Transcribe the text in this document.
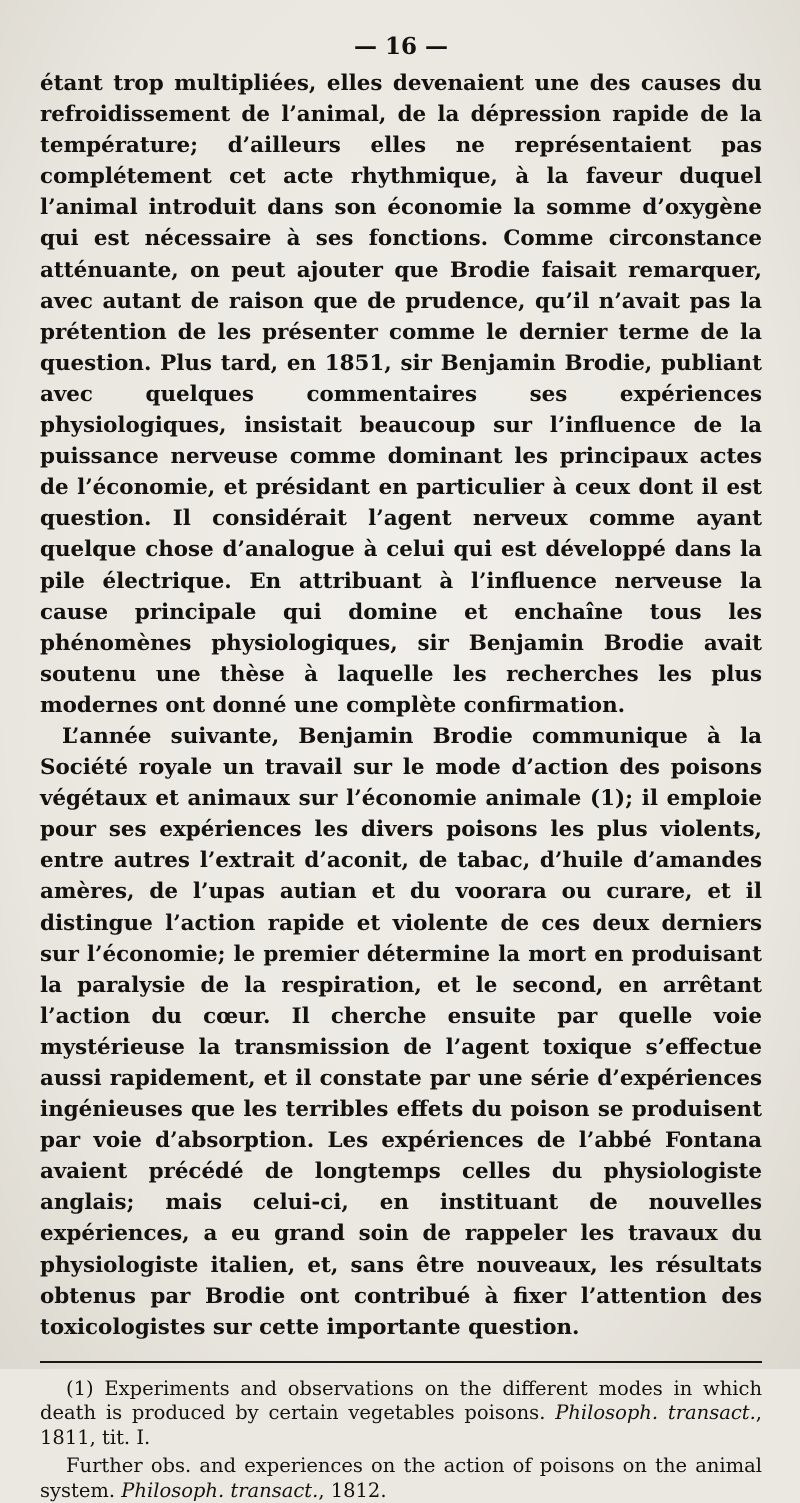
— 16 —

étant trop multipliées, elles devenaient une des causes du refroidissement de l’animal, de la dépression rapide de la température; d’ailleurs elles ne représentaient pas complétement cet acte rhythmique, à la faveur duquel l’animal introduit dans son économie la somme d’oxygène qui est nécessaire à ses fonctions. Comme circonstance atténuante, on peut ajouter que Brodie faisait remarquer, avec autant de raison que de prudence, qu’il n’avait pas la prétention de les présenter comme le dernier terme de la question. Plus tard, en 1851, sir Benjamin Brodie, publiant avec quelques commentaires ses expériences physiologiques, insistait beaucoup sur l’influence de la puissance nerveuse comme dominant les principaux actes de l’économie, et présidant en particulier à ceux dont il est question. Il considérait l’agent nerveux comme ayant quelque chose d’analogue à celui qui est développé dans la pile électrique. En attribuant à l’influence nerveuse la cause principale qui domine et enchaîne tous les phénomènes physiologiques, sir Benjamin Brodie avait soutenu une thèse à laquelle les recherches les plus modernes ont donné une complète confirmation.

L’année suivante, Benjamin Brodie communique à la Société royale un travail sur le mode d’action des poisons végétaux et animaux sur l’économie animale (1); il emploie pour ses expériences les divers poisons les plus violents, entre autres l’extrait d’aconit, de tabac, d’huile d’amandes amères, de l’upas autian et du voorara ou curare, et il distingue l’action rapide et violente de ces deux derniers sur l’économie; le premier détermine la mort en produisant la paralysie de la respiration, et le second, en arrêtant l’action du cœur. Il cherche ensuite par quelle voie mystérieuse la transmission de l’agent toxique s’effectue aussi rapidement, et il constate par une série d’expériences ingénieuses que les terribles effets du poison se produisent par voie d’absorption. Les expériences de l’abbé Fontana avaient précédé de longtemps celles du physiologiste anglais; mais celui-ci, en instituant de nouvelles expériences, a eu grand soin de rappeler les travaux du physiologiste italien, et, sans être nouveaux, les résultats obtenus par Brodie ont contribué à fixer l’attention des toxicologistes sur cette importante question.

(1) Experiments and observations on the different modes in which death is produced by certain vegetables poisons. Philosoph. transact., 1811, tit. I.

Further obs. and experiences on the action of poisons on the animal system. Philosoph. transact., 1812.
